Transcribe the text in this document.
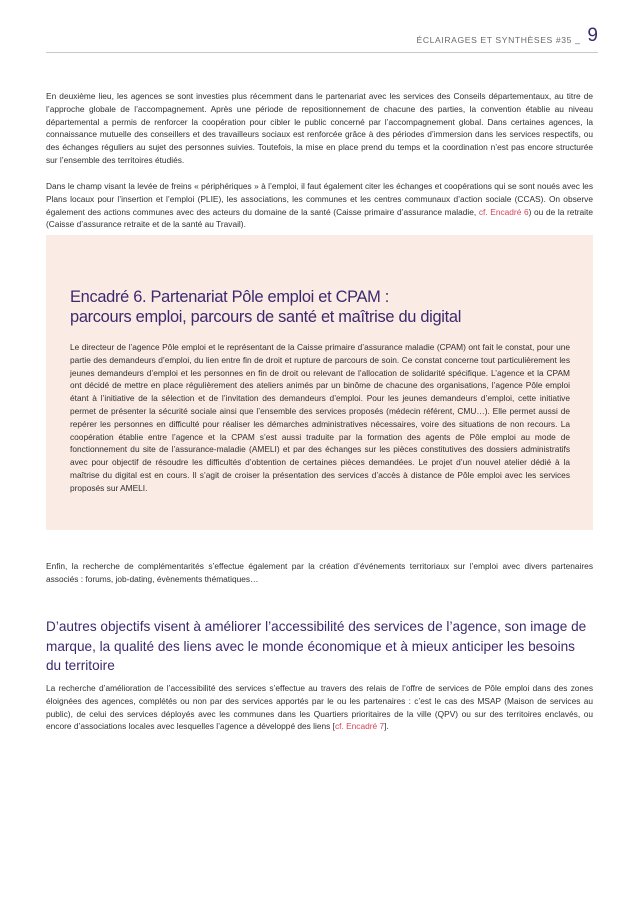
ÉCLAIRAGES ET SYNTHÈSES #35 _ 9

En deuxième lieu, les agences se sont investies plus récemment dans le partenariat avec les services des Conseils départementaux, au titre de l’approche globale de l’accompagnement. Après une période de repositionnement de chacune des parties, la convention établie au niveau départemental a permis de renforcer la coopération pour cibler le public concerné par l’accompagnement global. Dans certaines agences, la connaissance mutuelle des conseillers et des travailleurs sociaux est renforcée grâce à des périodes d’immersion dans les services respectifs, ou des échanges réguliers au sujet des personnes suivies. Toutefois, la mise en place prend du temps et la coordination n’est pas encore structurée sur l’ensemble des territoires étudiés.

Dans le champ visant la levée de freins « périphériques » à l’emploi, il faut également citer les échanges et coopérations qui se sont noués avec les Plans locaux pour l’insertion et l’emploi (PLIE), les associations, les communes et les centres communaux d’action sociale (CCAS). On observe également des actions communes avec des acteurs du domaine de la santé (Caisse primaire d’assurance maladie, cf. Encadré 6) ou de la retraite (Caisse d’assurance retraite et de la santé au Travail).

Encadré 6. Partenariat Pôle emploi et CPAM :
parcours emploi, parcours de santé et maîtrise du digital

Le directeur de l’agence Pôle emploi et le représentant de la Caisse primaire d’assurance maladie (CPAM) ont fait le constat, pour une partie des demandeurs d’emploi, du lien entre fin de droit et rupture de parcours de soin. Ce constat concerne tout particulièrement les jeunes demandeurs d’emploi et les personnes en fin de droit ou relevant de l’allocation de solidarité spécifique. L’agence et la CPAM ont décidé de mettre en place régulièrement des ateliers animés par un binôme de chacune des organisations, l’agence Pôle emploi étant à l’initiative de la sélection et de l’invitation des demandeurs d’emploi. Pour les jeunes demandeurs d’emploi, cette initiative permet de présenter la sécurité sociale ainsi que l’ensemble des services proposés (médecin référent, CMU…). Elle permet aussi de repérer les personnes en difficulté pour réaliser les démarches administratives nécessaires, voire des situations de non recours. La coopération établie entre l’agence et la CPAM s’est aussi traduite par la formation des agents de Pôle emploi au mode de fonctionnement du site de l’assurance-maladie (AMELI) et par des échanges sur les pièces constitutives des dossiers administratifs avec pour objectif de résoudre les difficultés d’obtention de certaines pièces demandées. Le projet d’un nouvel atelier dédié à la maîtrise du digital est en cours. Il s’agit de croiser la présentation des services d’accès à distance de Pôle emploi avec les services proposés sur AMELI.

Enfin, la recherche de complémentarités s’effectue également par la création d’événements territoriaux sur l’emploi avec divers partenaires associés : forums, job-dating, évènements thématiques…

D’autres objectifs visent à améliorer l’accessibilité des services de l’agence, son image de marque, la qualité des liens avec le monde économique et à mieux anticiper les besoins du territoire

La recherche d’amélioration de l’accessibilité des services s’effectue au travers des relais de l’offre de services de Pôle emploi dans des zones éloignées des agences, complétés ou non par des services apportés par le ou les partenaires : c’est le cas des MSAP (Maison de services au public), de celui des services déployés avec les communes dans les Quartiers prioritaires de la ville (QPV) ou sur des territoires enclavés, ou encore d’associations locales avec lesquelles l’agence a développé des liens [cf. Encadré 7].
